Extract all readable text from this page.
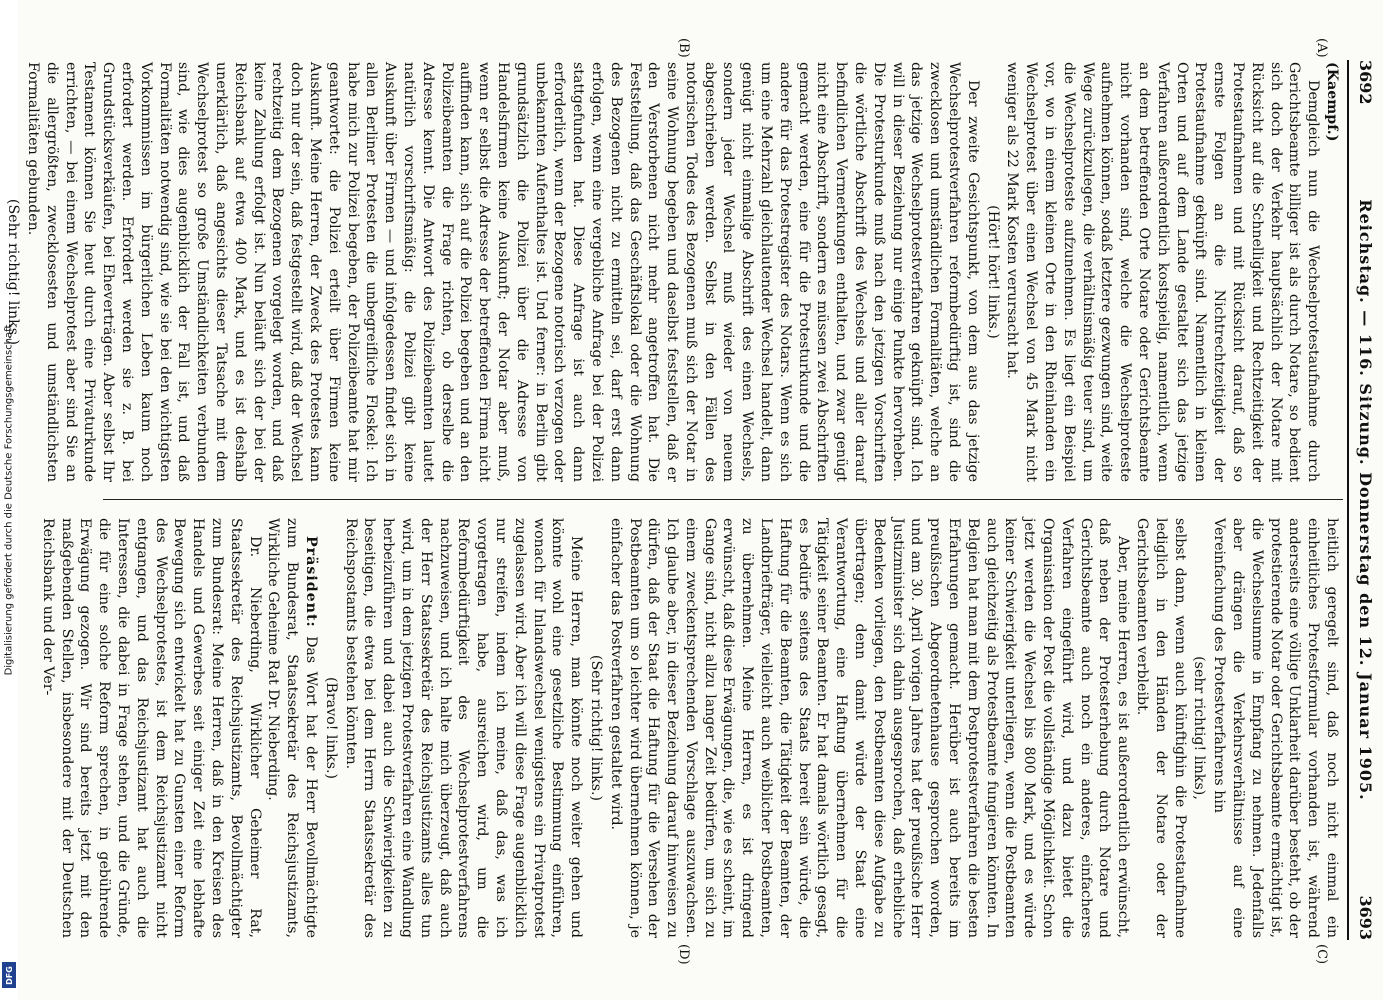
Digitalisierung gefördert durch die Deutsche Forschungsgemeinschaft
DFG
3692
Reichstag. — 116. Sitzung. Donnerstag den 12. Januar 1905.
3693
(A)
(B)
(C)
(D)

(Kaempf.)

Demgleich nun die Wechselprotestaufnahme durch Gerichtsbeamte billiger ist als durch Notare, so bedient sich doch der Verkehr hauptsächlich der Notare mit Rücksicht auf die Schnelligkeit und Rechtzeitigkeit der Protestaufnahmen und mit Rücksicht darauf, daß so ernste Folgen an die Nichtrechtzeitigkeit der Protestaufnahme geknüpft sind. Namentlich in kleinen Orten und auf dem Lande gestaltet sich das jetzige Verfahren außerordentlich kostspielig, namentlich, wenn an dem betreffenden Orte Notare oder Gerichtsbeamte nicht vorhanden sind, welche die Wechselproteste aufnehmen können, sodaß letztere gezwungen sind, weite Wege zurückzulegen, die verhältnismäßig teuer sind, um die Wechselproteste aufzunehmen. Es liegt ein Beispiel vor, wo in einem kleinen Orte in den Rheinlanden ein Wechselprotest über einen Wechsel von 45 Mark nicht weniger als 22 Mark Kosten verursacht hat.

(Hört! hört! links.)

Der zweite Gesichtspunkt, von dem aus das jetzige Wechselprotestverfahren reformbedürftig ist, sind die zwecklosen und umständlichen Formalitäten, welche an das jetzige Wechselprotestverfahren geknüpft sind. Ich will in dieser Beziehung nur einige Punkte hervorheben. Die Protesturkunde muß nach den jetzigen Vorschriften die wörtliche Abschrift des Wechsels und aller darauf befindlichen Vermerkungen enthalten, und zwar genügt nicht eine Abschrift, sondern es müssen zwei Abschriften gemacht werden, eine für die Protesturkunde und die andere für das Protestregister des Notars. Wenn es sich um eine Mehrzahl gleichlautender Wechsel handelt, dann genügt nicht einmalige Abschrift des einen Wechsels, sondern jeder Wechsel muß wieder von neuem abgeschrieben werden. Selbst in den Fällen des notorischen Todes des Bezogenen muß sich der Notar in seine Wohnung begeben und daselbst feststellen, daß er den Verstorbenen nicht mehr angetroffen hat. Die Feststellung, daß das Geschäftslokal oder die Wohnung des Bezogenen nicht zu ermitteln sei, darf erst dann erfolgen, wenn eine vergebliche Anfrage bei der Polizei stattgefunden hat. Diese Anfrage ist auch dann erforderlich, wenn der Bezogene notorisch verzogen oder unbekannten Aufenthaltes ist. Und ferner: in Berlin gibt grundsätzlich die Polizei über die Adresse von Handelsfirmen keine Auskunft; der Notar aber muß, wenn er selbst die Adresse der betreffenden Firma nicht auffinden kann, sich auf die Polizei begeben und an den Polizeibeamten die Frage richten, ob derselbe die Adresse kennt. Die Antwort des Polizeibeamten lautet natürlich vorschriftsmäßig: die Polizei gibt keine Auskunft über Firmen — und infolgedessen findet sich in allen Berliner Protesten die unbegreifliche Floskel: Ich habe mich zur Polizei begeben, der Polizeibeamte hat mir geantwortet: die Polizei erteilt über Firmen keine Auskunft. Meine Herren, der Zweck des Protestes kann doch nur der sein, daß festgestellt wird, daß der Wechsel rechtzeitig dem Bezogenen vorgelegt worden, und daß keine Zahlung erfolgt ist. Nun beläuft sich der bei der Reichsbank auf etwa 400 Mark, und es ist deshalb unerklärlich, daß angesichts dieser Tatsache mit dem Wechselprotest so große Umständlichkeiten verbunden sind, wie dies augenblicklich der Fall ist, und daß Formalitäten notwendig sind, wie sie bei den wichtigsten Vorkommnissen im bürgerlichen Leben kaum noch erfordert werden. Erfordert werden sie z. B. bei Grundstücksverkäufen, bei Eheverträgen. Aber selbst Ihr Testament können Sie heut durch eine Privaturkunde errichten, — bei einem Wechselprotest aber sind Sie an die allergrößten, zwecklosesten und umständlichsten Formalitäten gebunden.

(Sehr richtig! links.)

heitlich geregelt sind, daß noch nicht einmal ein einheitliches Protestformular vorhanden ist, während anderseits eine völlige Unklarheit darüber besteht, ob der protestierende Notar oder Gerichtsbeamte ermächtigt ist, die Wechselsumme in Empfang zu nehmen. Jedenfalls aber drängen die Verkehrsverhältnisse auf eine Vereinfachung des Protestverfahrens hin

(sehr richtig! links),

selbst dann, wenn auch künftighin die Protestaufnahme lediglich in den Händen der Notare oder der Gerichtsbeamten verbleibt.

Aber, meine Herren, es ist außerordentlich erwünscht, daß neben der Protesterhebung durch Notare und Gerichtsbeamte auch noch ein anderes, einfacheres Verfahren eingeführt wird, und dazu bietet die Organisation der Post die vollständige Möglichkeit. Schon jetzt werden die Wechsel bis 800 Mark, und es würde keiner Schwierigkeit unterliegen, wenn die Postbeamten auch gleichzeitig als Protestbeamte fungieren könnten. In Belgien hat man mit dem Postprotestverfahren die besten Erfahrungen gemacht. Herüber ist auch bereits im preußischen Abgeordnetenhause gesprochen worden, und am 30. April vorigen Jahres hat der preußische Herr Justizminister sich dahin ausgesprochen, daß erhebliche Bedenken vorliegen, den Postbeamten diese Aufgabe zu übertragen; denn damit würde der Staat eine Verantwortung, eine Haftung übernehmen für die Tätigkeit seiner Beamten. Er hat damals wörtlich gesagt, es bedürfe seitens des Staats bereit sein würde, die Haftung für die Beamten, die Tätigkeit der Beamten, der Landbriefträger, vielleicht auch weiblicher Postbeamten, zu übernehmen. Meine Herren, es ist dringend erwünscht, daß diese Erwägungen, die, wie es scheint, im Gange sind, nicht allzu langer Zeit bedürfen, um sich zu einem zweckentsprechenden Vorschlage auszuwachsen. Ich glaube aber, in dieser Beziehung darauf hinweisen zu dürfen, daß der Staat die Haftung für die Versehen der Postbeamten um so leichter wird übernehmen können, je einfacher das Postverfahren gestaltet wird.

(Sehr richtig! links.)

Meine Herren, man könnte noch weiter gehen und könnte wohl eine gesetzliche Bestimmung einführen, wonach für Inlandswechsel wenigstens ein Privatprotest zugelassen wird. Aber ich will diese Frage augenblicklich nur streifen, indem ich meine, daß das, was ich vorgetragen habe, ausreichen wird, um die Reformbedürftigkeit des Wechselprotestverfahrens nachzuweisen, und ich halte mich überzeugt, daß auch der Herr Staatssekretär des Reichsjustizamts alles tun wird, um in dem jetzigen Protestverfahren eine Wandlung herbeizuführen und dabei auch die Schwierigkeiten zu beseitigen, die etwa bei dem Herrn Staatssekretär des Reichspostamts bestehen könnten.

(Bravo! links.)

Präsident: Das Wort hat der Herr Bevollmächtigte zum Bundesrat, Staatssekretär des Reichsjustizamts, Wirkliche Geheime Rat Dr. Nieberding.

Dr. Nieberding, Wirklicher Geheimer Rat, Staatssekretär des Reichsjustizamts, Bevollmächtigter zum Bundesrat: Meine Herren, daß in den Kreisen des Handels und Gewerbes seit einiger Zeit eine lebhafte Bewegung sich entwickelt hat zu Gunsten einer Reform des Wechselprotestes, ist dem Reichsjustizamt nicht entgangen, und das Reichsjustizamt hat auch die Interessen, die dabei in Frage stehen, und die Gründe, die für eine solche Reform sprechen, in gebührende Erwägung gezogen. Wir sind bereits jetzt mit den maßgebenden Stellen, insbesondere mit der Deutschen Reichsbank und der Ver-
